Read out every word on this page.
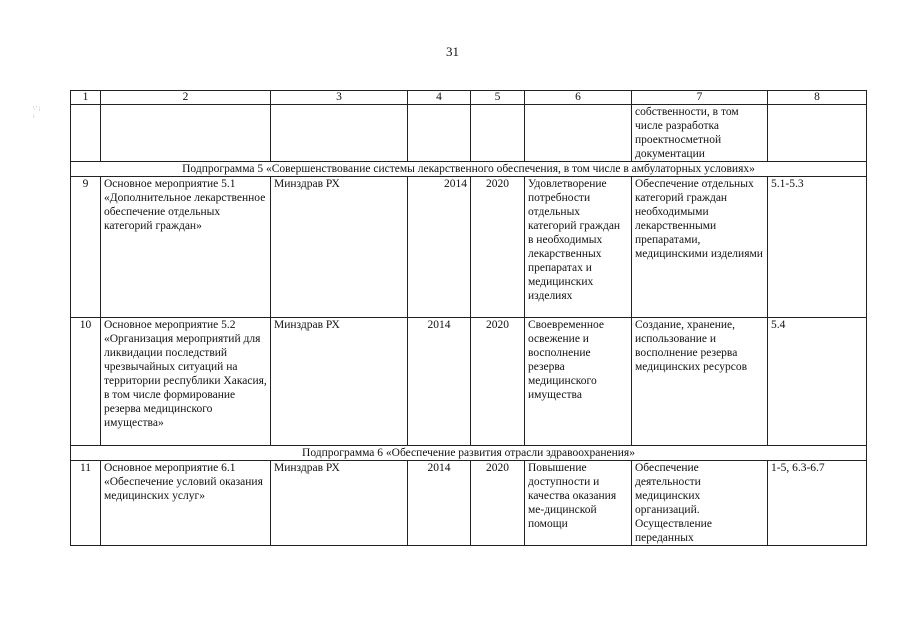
31
\ ' ; ;
1	2	3	4	5	6	7	8
						собственности, в том числе разработка проектносметной документации	
Подпрограмма 5 «Совершенствование системы лекарственного обеспечения, в том числе в амбулаторных условиях»							
9	Основное мероприятие 5.1 «Дополнительное лекарственное обеспечение отдельных категорий граждан»	Минздрав РХ	2014	2020	Удовлетворение потребности отдельных категорий граждан в необходимых лекарственных препаратах и медицинских изделиях	Обеспечение отдельных категорий граждан необходимыми лекарственными препаратами, медицинскими изделиями	5.1-5.3
10	Основное мероприятие 5.2 «Организация мероприятий для ликвидации последствий чрезвычайных ситуаций на территории республики Хакасия, в том числе формирование резерва медицинского имущества»	Минздрав РХ	2014	2020	Своевременное освежение и восполнение резерва медицинского имущества	Создание, хранение, использование и восполнение резерва медицинских ресурсов	5.4
Подпрограмма 6 «Обеспечение развития отрасли здравоохранения»							
11	Основное мероприятие 6.1 «Обеспечение условий оказания медицинских услуг»	Минздрав РХ	2014	2020	Повышение доступности и качества оказания ме-дицинской помощи	Обеспечение деятельности медицинских организаций. Осуществление переданных	1-5, 6.3-6.7
